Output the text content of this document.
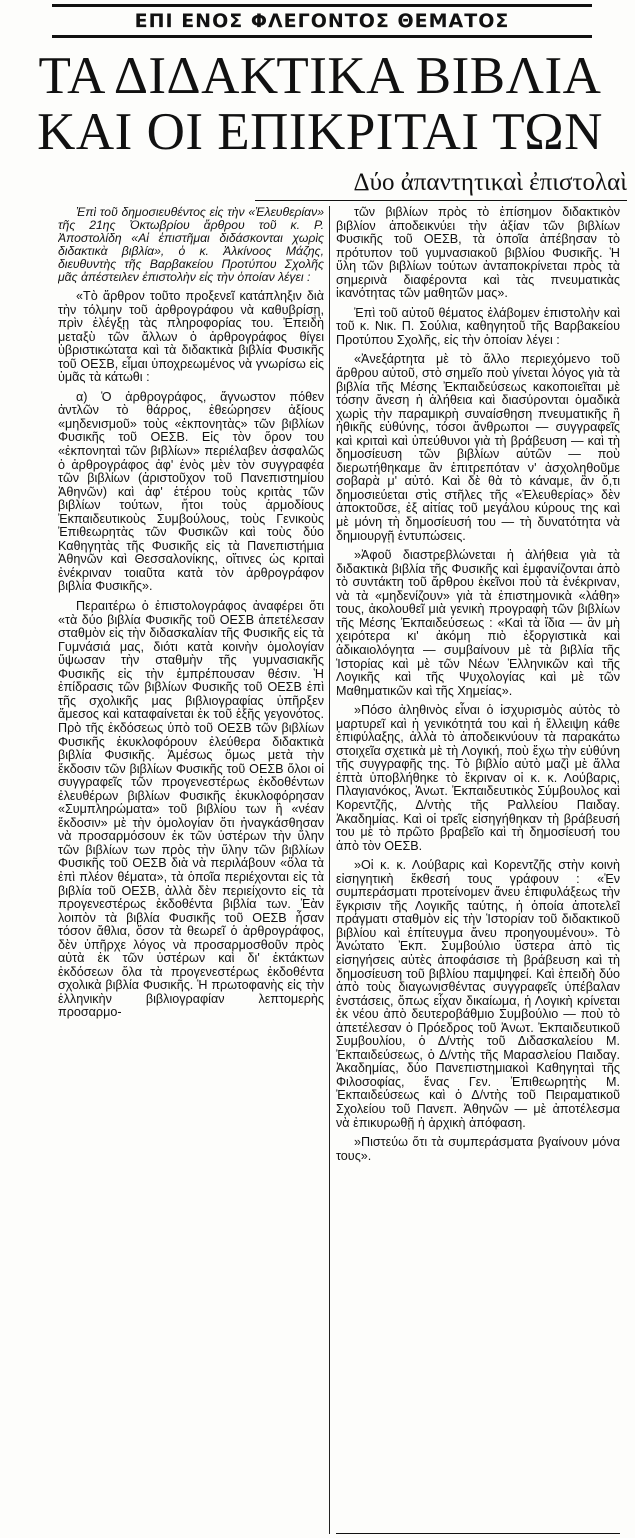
ΕΠΙ ΕΝΟΣ ΦΛΕΓΟΝΤΟΣ ΘΕΜΑΤΟΣ
ΤΑ ΔΙΔΑΚΤΙΚΑ ΒΙΒΛΙΑ
ΚΑΙ ΟΙ ΕΠΙΚΡΙΤΑΙ ΤΩΝ
Δύο ἀπαντητικαὶ ἐπιστολαὶ

Ἐπὶ τοῦ δημοσιευθέντος εἰς τὴν «Ἐλευθερίαν» τῆς 21ης Ὀκτωβρίου ἄρθρου τοῦ κ. Ρ. Ἀποστολίδη «Αἱ ἐπιστῆμαι διδάσκονται χωρὶς διδακτικὰ βιβλία», ὁ κ. Ἀλκίνοος Μάζης, διευθυντὴς τῆς Βαρβακείου Προτύπου Σχολῆς μᾶς ἀπέστειλεν ἐπιστολὴν εἰς τὴν ὁποίαν λέγει :

«Τὸ ἄρθρον τοῦτο προξενεῖ κατάπληξιν διὰ τὴν τόλμην τοῦ ἀρθρογράφου νὰ καθυβρίσῃ, πρὶν ἐλέγξῃ τὰς πληροφορίας του. Ἐπειδὴ μεταξὺ τῶν ἄλλων ὁ ἀρθρογράφος θίγει ὑβριστικώτατα καὶ τὰ διδακτικὰ βιβλία Φυσικῆς τοῦ ΟΕΣΒ, εἶμαι ὑποχρεωμένος νὰ γνωρίσω εἰς ὑμᾶς τὰ κάτωθι :

α) Ὁ ἀρθρογράφος, ἄγνωστον πόθεν ἀντλῶν τὸ θάρρος, ἐθεώρησεν ἀξίους «μηδενισμοῦ» τοὺς «ἐκπονητὰς» τῶν βιβλίων Φυσικῆς τοῦ ΟΕΣΒ. Εἰς τὸν ὅρον του «ἐκπονηταὶ τῶν βιβλίων» περιέλαβεν ἀσφαλῶς ὁ ἀρθρογράφος ἀφ' ἑνὸς μὲν τὸν συγγραφέα τῶν βιβλίων (ἀριστοῦχον τοῦ Πανεπιστημίου Ἀθηνῶν) καὶ ἀφ' ἑτέρου τοὺς κριτὰς τῶν βιβλίων τούτων, ἤτοι τοὺς ἁρμοδίους Ἐκπαιδευτικοὺς Συμβούλους, τοὺς Γενικοὺς Ἐπιθεωρητὰς τῶν Φυσικῶν καὶ τοὺς δύο Καθηγητὰς τῆς Φυσικῆς εἰς τὰ Πανεπιστήμια Ἀθηνῶν καὶ Θεσσαλονίκης, οἵτινες ὡς κριταὶ ἐνέκριναν τοιαῦτα κατὰ τὸν ἀρθρογράφον βιβλία Φυσικῆς».

Περαιτέρω ὁ ἐπιστολογράφος ἀναφέρει ὅτι «τὰ δύο βιβλία Φυσικῆς τοῦ ΟΕΣΒ ἀπετέλεσαν σταθμὸν εἰς τὴν διδασκαλίαν τῆς Φυσικῆς εἰς τὰ Γυμνάσιά μας, διότι κατὰ κοινὴν ὁμολογίαν ὕψωσαν τὴν σταθμὴν τῆς γυμνασιακῆς Φυσικῆς εἰς τὴν ἐμπρέπουσαν θέσιν. Ἡ ἐπίδρασις τῶν βιβλίων Φυσικῆς τοῦ ΟΕΣΒ ἐπὶ τῆς σχολικῆς μας βιβλιογραφίας ὑπῆρξεν ἄμεσος καὶ καταφαίνεται ἐκ τοῦ ἑξῆς γεγονότος. Πρὸ τῆς ἐκδόσεως ὑπὸ τοῦ ΟΕΣΒ τῶν βιβλίων Φυσικῆς ἐκυκλοφόρουν ἐλεύθερα διδακτικὰ βιβλία Φυσικῆς. Ἀμέσως ὅμως μετὰ τὴν ἔκδοσιν τῶν βιβλίων Φυσικῆς τοῦ ΟΕΣΒ ὅλοι οἱ συγγραφεῖς τῶν προγενεστέρως ἐκδοθέντων ἐλευθέρων βιβλίων Φυσικῆς ἐκυκλοφόρησαν «Συμπληρώματα» τοῦ βιβλίου των ἢ «νέαν ἔκδοσιν» μὲ τὴν ὁμολογίαν ὅτι ἠναγκάσθησαν νὰ προσαρμόσουν ἐκ τῶν ὑστέρων τὴν ὕλην τῶν βιβλίων των πρὸς τὴν ὕλην τῶν βιβλίων Φυσικῆς τοῦ ΟΕΣΒ διὰ νὰ περιλάβουν «ὅλα τὰ ἐπὶ πλέον θέματα», τὰ ὁποῖα περιέχονται εἰς τὰ βιβλία τοῦ ΟΕΣΒ, ἀλλὰ δὲν περιείχοντο εἰς τὰ προγενεστέρως ἐκδοθέντα βιβλία των. Ἐὰν λοιπὸν τὰ βιβλία Φυσικῆς τοῦ ΟΕΣΒ ἦσαν τόσον ἄθλια, ὅσον τὰ θεωρεῖ ὁ ἀρθρογράφος, δὲν ὑπῆρχε λόγος νὰ προσαρμοσθοῦν πρὸς αὐτὰ ἐκ τῶν ὑστέρων καὶ δι' ἐκτάκτων ἐκδόσεων ὅλα τὰ προγενεστέρως ἐκδοθέντα σχολικὰ βιβλία Φυσικῆς. Ἡ πρωτοφανὴς εἰς τὴν ἑλληνικὴν βιβλιογραφίαν λεπτομερὴς προσαρμο-

τῶν βιβλίων πρὸς τὸ ἐπίσημον διδακτικὸν βιβλίον ἀποδεικνύει τὴν ἀξίαν τῶν βιβλίων Φυσικῆς τοῦ ΟΕΣΒ, τὰ ὁποῖα ἀπέβησαν τὸ πρότυπον τοῦ γυμνασιακοῦ βιβλίου Φυσικῆς. Ἡ ὕλη τῶν βιβλίων τούτων ἀνταποκρίνεται πρὸς τὰ σημερινὰ διαφέροντα καὶ τὰς πνευματικὰς ἱκανότητας τῶν μαθητῶν μας».

Ἐπὶ τοῦ αὐτοῦ θέματος ἐλάβομεν ἐπιστολὴν καὶ τοῦ κ. Νικ. Π. Σούλια, καθηγητοῦ τῆς Βαρβακείου Προτύπου Σχολῆς, εἰς τὴν ὁποίαν λέγει :

«Ἀνεξάρτητα μὲ τὸ ἄλλο περιεχόμενο τοῦ ἄρθρου αὐτοῦ, στὸ σημεῖο ποὺ γίνεται λόγος γιὰ τὰ βιβλία τῆς Μέσης Ἐκπαιδεύσεως κακοποιεῖται μὲ τόσην ἄνεση ἡ ἀλήθεια καὶ διασύρονται ὁμαδικὰ χωρὶς τὴν παραμικρὴ συναίσθηση πνευματικῆς ἢ ἠθικῆς εὐθύνης, τόσοι ἄνθρωποι — συγγραφεῖς καὶ κριταὶ καὶ ὑπεύθυνοι γιὰ τὴ βράβευση — καὶ τὴ δημοσίευση τῶν βιβλίων αὐτῶν — ποὺ διερωτήθηκαμε ἂν ἐπιτρεπόταν ν' ἀσχοληθοῦμε σοβαρὰ μ' αὐτό. Καὶ δὲ θὰ τὸ κάναμε, ἂν ὅ,τι δημοσιεύεται στὶς στῆλες τῆς «Ἐλευθερίας» δὲν ἀποκτοῦσε, ἐξ αἰτίας τοῦ μεγάλου κύρους της καὶ μὲ μόνη τὴ δημοσίευσή του — τὴ δυνατότητα νὰ δημιουργῇ ἐντυπώσεις.

»Ἀφοῦ διαστρεβλώνεται ἡ ἀλήθεια γιὰ τὰ διδακτικὰ βιβλία τῆς Φυσικῆς καὶ ἐμφανίζονται ἀπὸ τὸ συντάκτη τοῦ ἄρθρου ἐκεῖνοι ποὺ τὰ ἐνέκριναν, νὰ τὰ «μηδενίζουν» γιὰ τὰ ἐπιστημονικὰ «λάθη» τους, ἀκολουθεῖ μιὰ γενικὴ προγραφὴ τῶν βιβλίων τῆς Μέσης Ἐκπαιδεύσεως : «Καὶ τὰ ἴδια — ἂν μὴ χειρότερα κι' ἀκόμη πιὸ ἐξοργιστικὰ καὶ ἀδικαιολόγητα — συμβαίνουν μὲ τὰ βιβλία τῆς Ἱστορίας καὶ μὲ τῶν Νέων Ἑλληνικῶν καὶ τῆς Λογικῆς καὶ τῆς Ψυχολογίας καὶ μὲ τῶν Μαθηματικῶν καὶ τῆς Χημείας».

»Πόσο ἀληθινὸς εἶναι ὁ ἰσχυρισμὸς αὐτὸς τὸ μαρτυρεῖ καὶ ἡ γενικότητά του καὶ ἡ ἔλλειψη κάθε ἐπιφύλαξης, ἀλλὰ τὸ ἀποδεικνύουν τὰ παρακάτω στοιχεῖα σχετικὰ μὲ τὴ Λογική, ποὺ ἔχω τὴν εὐθύνη τῆς συγγραφῆς της. Τὸ βιβλίο αὐτὸ μαζὶ μὲ ἄλλα ἑπτὰ ὑποβλήθηκε τὸ ἔκριναν οἱ κ. κ. Λούβαρις, Πλαγιανόκος, Ἀνωτ. Ἐκπαιδευτικὸς Σύμβουλος καὶ Κορεντζῆς, Δ/ντὴς τῆς Ραλλείου Παιδαγ. Ἀκαδημίας. Καὶ οἱ τρεῖς εἰσηγήθηκαν τὴ βράβευσή του μὲ τὸ πρῶτο βραβεῖο καὶ τὴ δημοσίευσή του ἀπὸ τὸν ΟΕΣΒ.

»Οἱ κ. κ. Λούβαρις καὶ Κορεντζῆς στὴν κοινὴ εἰσηγητικὴ ἔκθεσή τους γράφουν : «Ἐν συμπεράσματι προτείνομεν ἄνευ ἐπιφυλάξεως τὴν ἔγκρισιν τῆς Λογικῆς ταύτης, ἡ ὁποία ἀποτελεῖ πράγματι σταθμὸν εἰς τὴν Ἱστορίαν τοῦ διδακτικοῦ βιβλίου καὶ ἐπίτευγμα ἄνευ προηγουμένου». Τὸ Ἀνώτατο Ἐκπ. Συμβούλιο ὕστερα ἀπὸ τὶς εἰσηγήσεις αὐτὲς ἀποφάσισε τὴ βράβευση καὶ τὴ δημοσίευση τοῦ βιβλίου παμψηφεί. Καὶ ἐπειδὴ δύο ἀπὸ τοὺς διαγωνισθέντας συγγραφεῖς ὑπέβαλαν ἐνστάσεις, ὅπως εἶχαν δικαίωμα, ἡ Λογικὴ κρίνεται ἐκ νέου ἀπὸ δευτεροβάθμιο Συμβούλιο — ποὺ τὸ ἀπετέλεσαν ὁ Πρόεδρος τοῦ Ἀνωτ. Ἐκπαιδευτικοῦ Συμβουλίου, ὁ Δ/ντὴς τοῦ Διδασκαλείου Μ. Ἐκπαιδεύσεως, ὁ Δ/ντὴς τῆς Μαρασλείου Παιδαγ. Ἀκαδημίας, δύο Πανεπιστημιακοὶ Καθηγηταὶ τῆς Φιλοσοφίας, ἕνας Γεν. Ἐπιθεωρητὴς Μ. Ἐκπαιδεύσεως καὶ ὁ Δ/ντὴς τοῦ Πειραματικοῦ Σχολείου τοῦ Πανεπ. Ἀθηνῶν — μὲ ἀποτέλεσμα νὰ ἐπικυρωθῇ ἡ ἀρχικὴ ἀπόφαση.

»Πιστεύω ὅτι τὰ συμπεράσματα βγαίνουν μόνα τους».
